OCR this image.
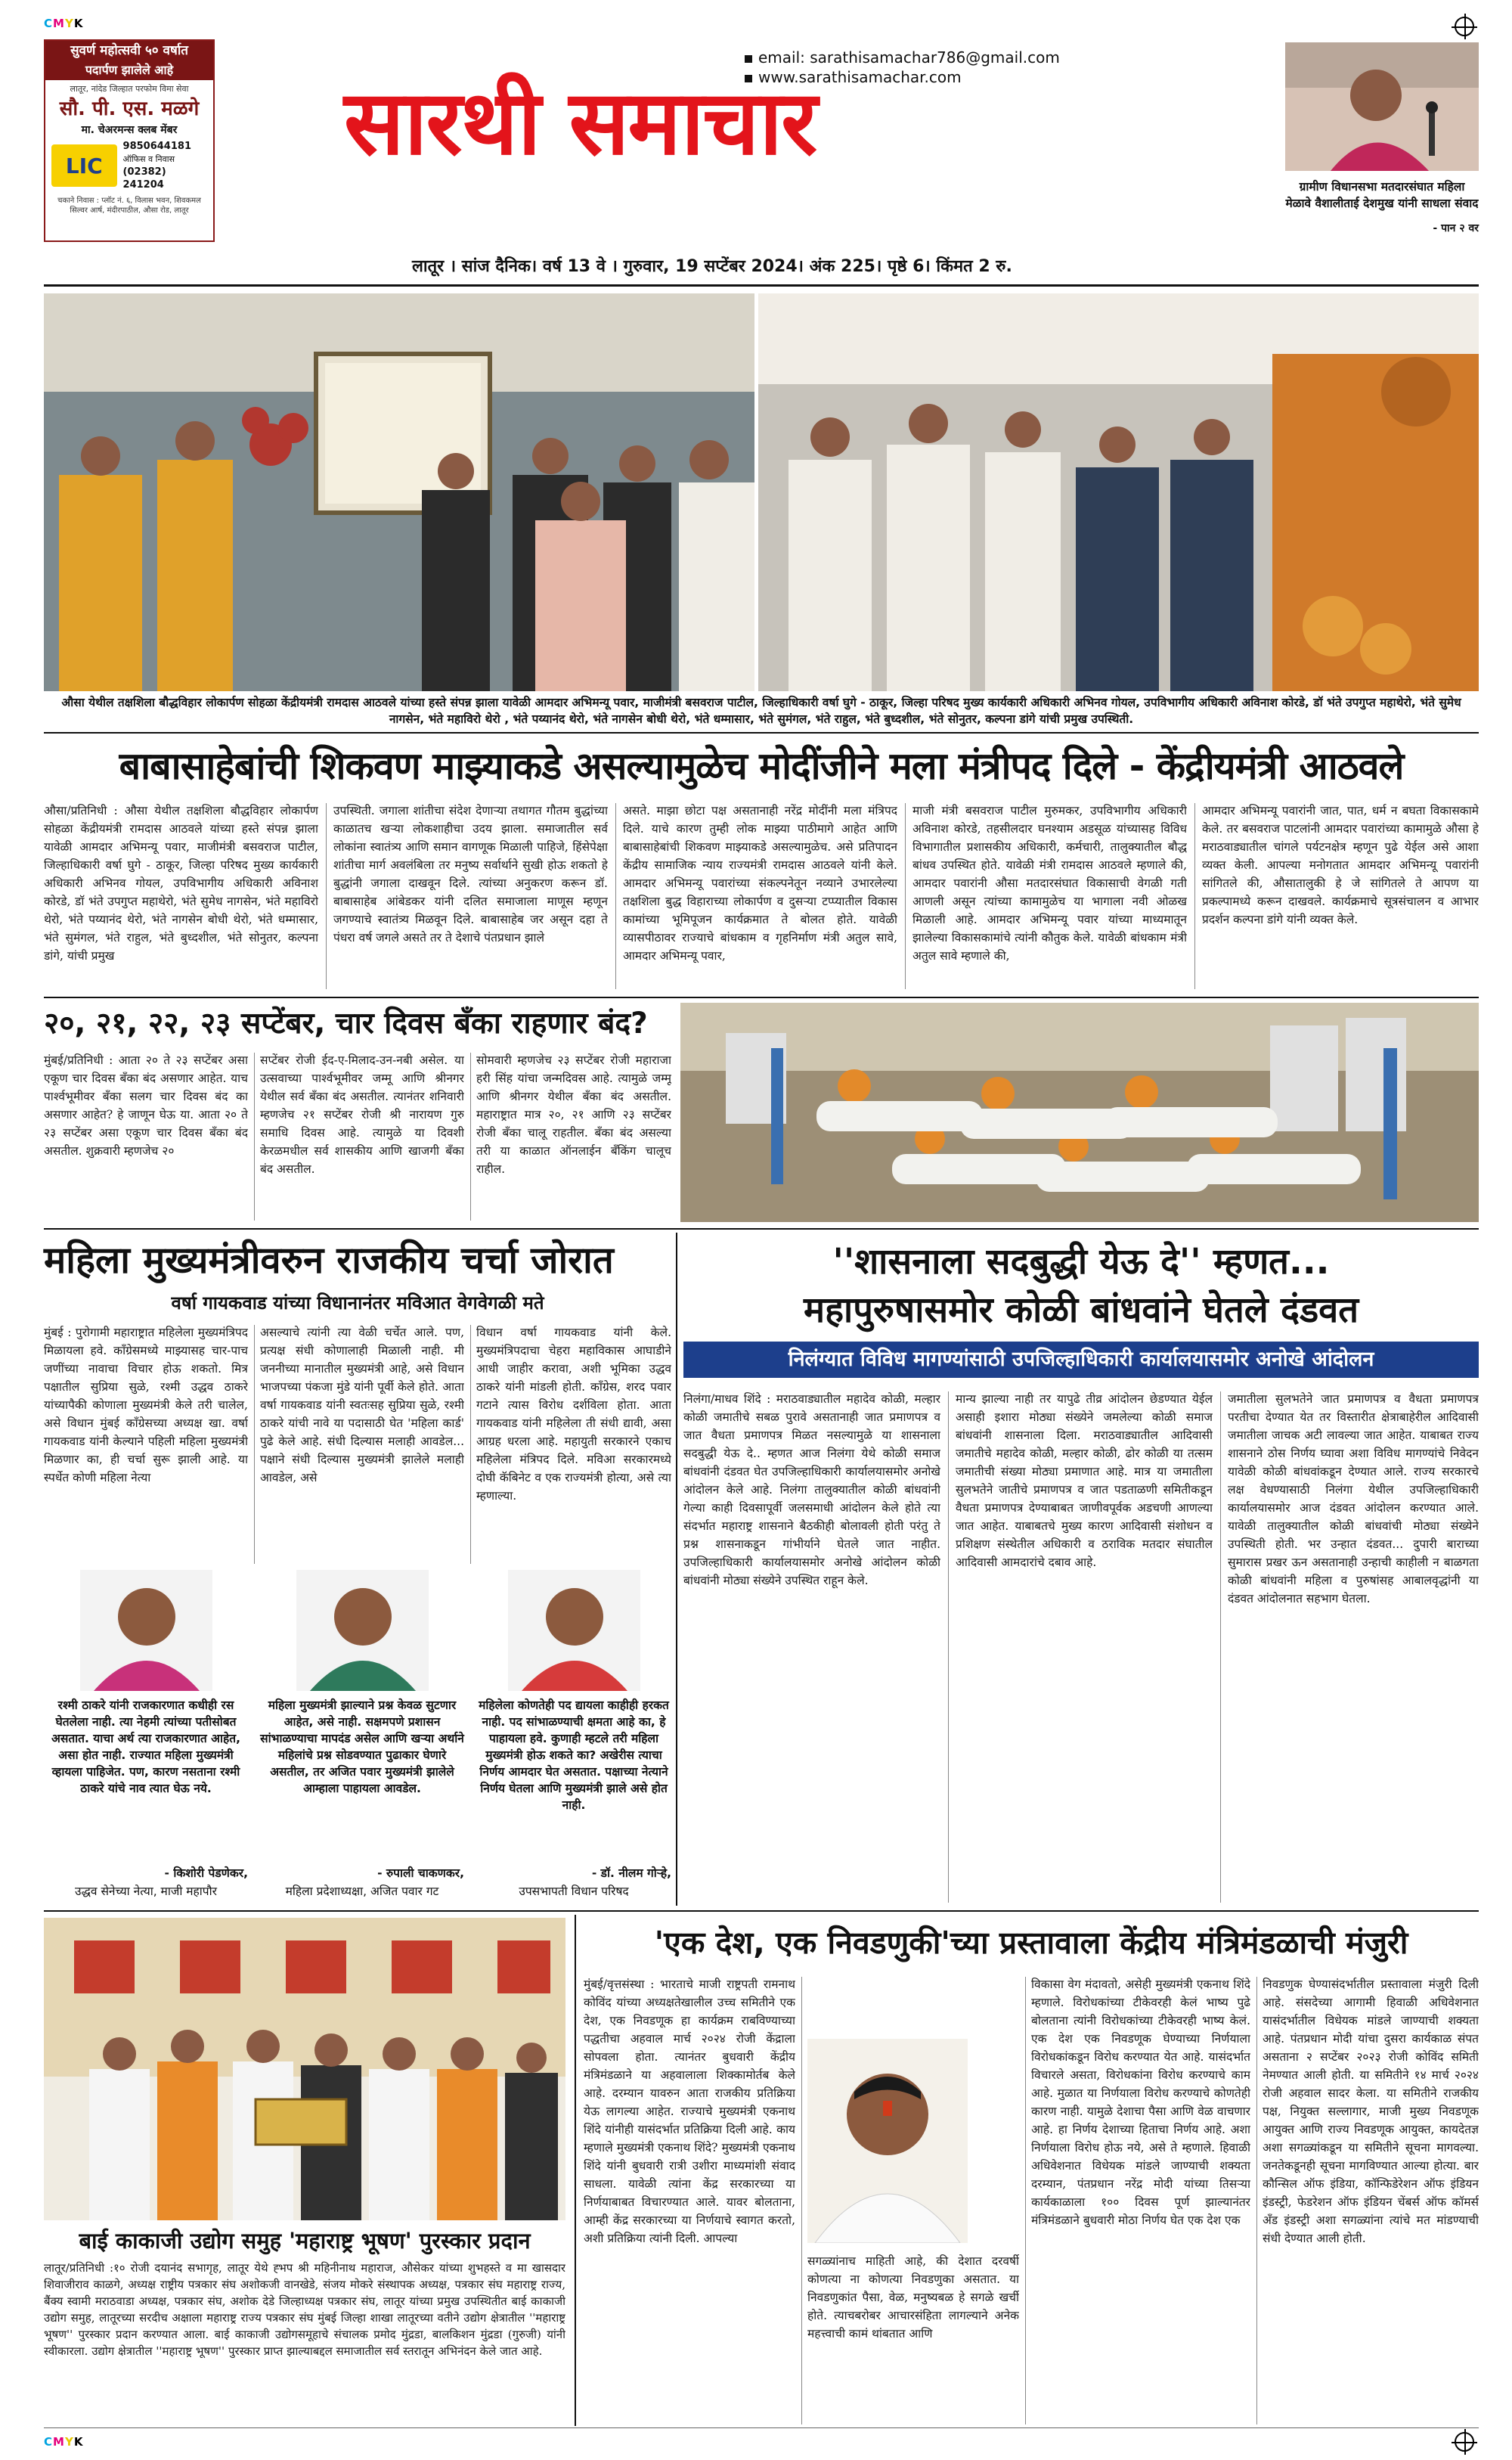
CMYK
CMYK
सुवर्ण महोत्सवी ५० वर्षात
पदार्पण झालेले आहे
लातूर, नांदेड जिल्हात परफोम विमा सेवा
सौ. पी. एस. मळगे
मा. चेअरमन्स क्लब मेंबर
LIC
9850644181
ऑफिस व निवास
(02382) 241204
चकाने निवास : प्लॉट नं. ६, विलास भवन, शिवकमल सिल्वर आर्ष, मंदीरपाठील, औसा रोड, लातूर
email: sarathisamachar786@gmail.com
www.sarathisamachar.com
सारथी समाचार
लातूर । सांज दैनिक। वर्ष 13 वे । गुरुवार, 19 सप्टेंबर 2024। अंक 225। पृष्ठे 6। किंमत 2 रु.
ग्रामीण विधानसभा मतदारसंघात महिला मेळावे वैशालीताई देशमुख यांनी साधला संवाद
- पान २ वर
औसा येथील तक्षशिला बौद्धविहार लोकार्पण सोहळा केंद्रीयमंत्री रामदास आठवले यांच्या हस्ते संपन्न झाला यावेळी आमदार अभिमन्यू पवार, माजीमंत्री बसवराज पाटील, जिल्हाधिकारी वर्षा घुगे - ठाकूर, जिल्हा परिषद मुख्य कार्यकारी अधिकारी अभिनव गोयल, उपविभागीय अधिकारी अविनाश कोरडे, डॉ भंते उपगुप्त महाथेरो, भंते सुमेध नागसेन, भंते महाविरो थेरो , भंते पय्यानंद थेरो, भंते नागसेन बोधी थेरो, भंते धम्मासार, भंते सुमंगल, भंते राहुल, भंते बुध्दशील, भंते सोनुतर, कल्पना डांगे यांची प्रमुख उपस्थिती.
बाबासाहेबांची शिकवण माझ्याकडे असल्यामुळेच मोदींजीने मला मंत्रीपद दिले - केंद्रीयमंत्री आठवले
औसा/प्रतिनिधी : औसा येथील तक्षशिला बौद्धविहार लोकार्पण सोहळा केंद्रीयमंत्री रामदास आठवले यांच्या हस्ते संपन्न झाला यावेळी आमदार अभिमन्यू पवार, माजीमंत्री बसवराज पाटील, जिल्हाधिकारी वर्षा घुगे - ठाकूर, जिल्हा परिषद मुख्य कार्यकारी अधिकारी अभिनव गोयल, उपविभागीय अधिकारी अविनाश कोरडे, डॉ भंते उपगुप्त महाथेरो, भंते सुमेध नागसेन, भंते महाविरो थेरो, भंते पय्यानंद थेरो, भंते नागसेन बोधी थेरो, भंते धम्मासार, भंते सुमंगल, भंते राहुल, भंते बुध्दशील, भंते सोनुतर, कल्पना डांगे, यांची प्रमुख
उपस्थिती. जगाला शांतीचा संदेश देणाऱ्या तथागत गौतम बुद्धांच्या काळातच खऱ्या लोकशाहीचा उदय झाला. समाजातील सर्व लोकांना स्वातंत्र्य आणि समान वागणूक मिळाली पाहिजे, हिंसेपेक्षा शांतीचा मार्ग अवलंबिला तर मनुष्य सर्वार्थाने सुखी होऊ शकतो हे बुद्धांनी जगाला दाखवून दिले. त्यांच्या अनुकरण करून डॉ. बाबासाहेब आंबेडकर यांनी दलित समाजाला माणूस म्हणून जगण्याचे स्वातंत्र्य मिळवून दिले. बाबासाहेब जर असून दहा ते पंधरा वर्ष जगले असते तर ते देशाचे पंतप्रधान झाले
असते. माझा छोटा पक्ष असतानाही नरेंद्र मोदींनी मला मंत्रिपद दिले. याचे कारण तुम्ही लोक माझ्या पाठीमागे आहेत आणि बाबासाहेबांची शिकवण माझ्याकडे असल्यामुळेच. असे प्रतिपादन केंद्रीय सामाजिक न्याय राज्यमंत्री रामदास आठवले यांनी केले. आमदार अभिमन्यू पवारांच्या संकल्पनेतून नव्याने उभारलेल्या तक्षशिला बुद्ध विहाराच्या लोकार्पण व दुसऱ्या टप्प्यातील विकास कामांच्या भूमिपूजन कार्यक्रमात ते बोलत होते. यावेळी व्यासपीठावर राज्याचे बांधकाम व गृहनिर्माण मंत्री अतुल सावे, आमदार अभिमन्यू पवार,
माजी मंत्री बसवराज पाटील मुरुमकर, उपविभागीय अधिकारी अविनाश कोरडे, तहसीलदार घनश्याम अडसूळ यांच्यासह विविध विभागातील प्रशासकीय अधिकारी, कर्मचारी, तालुक्यातील बौद्ध बांधव उपस्थित होते. यावेळी मंत्री रामदास आठवले म्हणाले की, आमदार पवारांनी औसा मतदारसंघात विकासाची वेगळी गती आणली असून त्यांच्या कामामुळेच या भागाला नवी ओळख मिळाली आहे. आमदार अभिमन्यू पवार यांच्या माध्यमातून झालेल्या विकासकामांचे त्यांनी कौतुक केले. यावेळी बांधकाम मंत्री अतुल सावे म्हणाले की,
आमदार अभिमन्यू पवारांनी जात, पात, धर्म न बघता विकासकामे केले. तर बसवराज पाटलांनी आमदार पवारांच्या कामामुळे औसा हे मराठवाड्यातील चांगले पर्यटनक्षेत्र म्हणून पुढे येईल असे आशा व्यक्त केली. आपल्या मनोगतात आमदार अभिमन्यू पवारांनी सांगितले की, औसातालुकी हे जे सांगितले ते आपण या प्रकल्पामध्ये करून दाखवले. कार्यक्रमाचे सूत्रसंचालन व आभार प्रदर्शन कल्पना डांगे यांनी व्यक्त केले.
२०, २१, २२, २३ सप्टेंबर, चार दिवस बँका राहणार बंद?
मुंबई/प्रतिनिधी : आता २० ते २३ सप्टेंबर असा एकूण चार दिवस बँका बंद असणार आहेत. याच पार्श्वभूमीवर बँका सलग चार दिवस बंद का असणार आहेत? हे जाणून घेऊ या. आता २० ते २३ सप्टेंबर असा एकूण चार दिवस बँका बंद असतील. शुक्रवारी म्हणजेच २०
सप्टेंबर रोजी ईद-ए-मिलाद-उन-नबी असेल. या उत्सवाच्या पार्श्वभूमीवर जम्मू आणि श्रीनगर येथील सर्व बँका बंद असतील. त्यानंतर शनिवारी म्हणजेच २१ सप्टेंबर रोजी श्री नारायण गुरु समाधि दिवस आहे. त्यामुळे या दिवशी केरळमधील सर्व शासकीय आणि खाजगी बँका बंद असतील.
सोमवारी म्हणजेच २३ सप्टेंबर रोजी महाराजा हरी सिंह यांचा जन्मदिवस आहे. त्यामुळे जम्मू आणि श्रीनगर येथील बँका बंद असतील. महाराष्ट्रात मात्र २०, २१ आणि २३ सप्टेंबर रोजी बँका चालू राहतील. बँका बंद असल्या तरी या काळात ऑनलाईन बँकिंग चालूच राहील.
महिला मुख्यमंत्रीवरुन राजकीय चर्चा जोरात
वर्षा गायकवाड यांच्या विधानानंतर मविआत वेगवेगळी मते
मुंबई : पुरोगामी महाराष्ट्रात महिलेला मुख्यमंत्रिपद मिळायला हवे. काँग्रेसमध्ये माझ्यासह चार-पाच जणींच्या नावाचा विचार होऊ शकतो. मित्र पक्षातील सुप्रिया सुळे, रश्मी उद्धव ठाकरे यांच्यापैकी कोणाला मुख्यमंत्री केले तरी चालेल, असे विधान मुंबई काँग्रेसच्या अध्यक्ष खा. वर्षा गायकवाड यांनी केल्याने पहिली महिला मुख्यमंत्री मिळणार का, ही चर्चा सुरू झाली आहे. या स्पर्धेत कोणी महिला नेत्या
असल्याचे त्यांनी त्या वेळी चर्चेत आले. पण, प्रत्यक्ष संधी कोणालाही मिळाली नाही. मी जननीच्या मानातील मुख्यमंत्री आहे, असे विधान भाजपच्या पंकजा मुंडे यांनी पूर्वी केले होते. आता वर्षा गायकवाड यांनी स्वतःसह सुप्रिया सुळे, रश्मी ठाकरे यांची नावे या पदासाठी घेत 'महिला कार्ड' पुढे केले आहे. संधी दिल्यास मलाही आवडेल... पक्षाने संधी दिल्यास मुख्यमंत्री झालेले मलाही आवडेल, असे
विधान वर्षा गायकवाड यांनी केले. मुख्यमंत्रिपदाचा चेहरा महाविकास आघाडीने आधी जाहीर करावा, अशी भूमिका उद्धव ठाकरे यांनी मांडली होती. काँग्रेस, शरद पवार गटाने त्यास विरोध दर्शविला होता. आता गायकवाड यांनी महिलेला ती संधी द्यावी, असा आग्रह धरला आहे. महायुती सरकारने एकाच महिलेला मंत्रिपद दिले. मविआ सरकारमध्ये दोघी कॅबिनेट व एक राज्यमंत्री होत्या, असे त्या म्हणाल्या.
रश्मी ठाकरे यांनी राजकारणात कधीही रस घेतलेला नाही. त्या नेहमी त्यांच्या पतीसोबत असतात. याचा अर्थ त्या राजकारणात आहेत, असा होत नाही. राज्यात महिला मुख्यमंत्री व्हायला पाहिजेत. पण, कारण नसताना रश्मी ठाकरे यांचे नाव त्यात घेऊ नये.
- किशोरी पेडणेकर,
उद्धव सेनेच्या नेत्या, माजी महापौर
महिला मुख्यमंत्री झाल्याने प्रश्न केवळ सुटणार आहेत, असे नाही. सक्षमपणे प्रशासन सांभाळण्याचा मापदंड असेल आणि खऱ्या अर्थाने महिलांचे प्रश्न सोडवण्यात पुढाकार घेणारे असतील, तर अजित पवार मुख्यमंत्री झालेले आम्हाला पाहायला आवडेल.
- रुपाली चाकणकर,
महिला प्रदेशाध्यक्षा, अजित पवार गट
महिलेला कोणतेही पद द्यायला काहीही हरकत नाही. पद सांभाळण्याची क्षमता आहे का, हे पाहायला हवे. कुणाही म्हटले तरी महिला मुख्यमंत्री होऊ शकते का? अखेरीस त्याचा निर्णय आमदार घेत असतात. पक्षाच्या नेत्याने निर्णय घेतला आणि मुख्यमंत्री झाले असे होत नाही.
- डॉ. नीलम गोऱ्हे,
उपसभापती विधान परिषद
''शासनाला सदबुद्धी येऊ दे'' म्हणत...
महापुरुषासमोर कोळी बांधवांने घेतले दंडवत
निलंग्यात विविध मागण्यांसाठी उपजिल्हाधिकारी कार्यालयासमोर अनोखे आंदोलन
निलंगा/माधव शिंदे : मराठवाड्यातील महादेव कोळी, मल्हार कोळी जमातीचे सबळ पुरावे असतानाही जात प्रमाणपत्र व जात वैधता प्रमाणपत्र मिळत नसल्यामुळे या शासनाला सदबुद्धी येऊ दे.. म्हणत आज निलंगा येथे कोळी समाज बांधवांनी दंडवत घेत उपजिल्हाधिकारी कार्यालयासमोर अनोखे आंदोलन केले आहे. निलंगा तालुक्यातील कोळी बांधवांनी गेल्या काही दिवसापूर्वी जलसमाधी आंदोलन केले होते त्या संदर्भात महाराष्ट्र शासनाने बैठकीही बोलावली होती परंतु ते प्रश्न शासनाकडून गांभीर्याने घेतले जात नाहीत. उपजिल्हाधिकारी कार्यालयासमोर अनोखे आंदोलन कोळी बांधवांनी मोठ्या संख्येने उपस्थित राहून केले.
मान्य झाल्या नाही तर यापुढे तीव्र आंदोलन छेडण्यात येईल असाही इशारा मोठ्या संख्येने जमलेल्या कोळी समाज बांधवांनी शासनाला दिला. मराठवाड्यातील आदिवासी जमातीचे महादेव कोळी, मल्हार कोळी, ढोर कोळी या तत्सम जमातीची संख्या मोठ्या प्रमाणात आहे. मात्र या जमातीला सुलभतेने जातीचे प्रमाणपत्र व जात पडताळणी समितीकडून वैधता प्रमाणपत्र देण्याबाबत जाणीवपूर्वक अडचणी आणल्या जात आहेत. याबाबतचे मुख्य कारण आदिवासी संशोधन व प्रशिक्षण संस्थेतील अधिकारी व ठराविक मतदार संघातील आदिवासी आमदारांचे दबाव आहे.
जमातीला सुलभतेने जात प्रमाणपत्र व वैधता प्रमाणपत्र परतीचा देण्यात येत तर विस्तारीत क्षेत्राबाहेरील आदिवासी जमातीला जाचक अटी लावल्या जात आहेत. याबाबत राज्य शासनाने ठोस निर्णय घ्यावा अशा विविध मागण्यांचे निवेदन यावेळी कोळी बांधवांकडून देण्यात आले. राज्य सरकारचे लक्ष वेधण्यासाठी निलंगा येथील उपजिल्हाधिकारी कार्यालयासमोर आज दंडवत आंदोलन करण्यात आले. यावेळी तालुक्यातील कोळी बांधवांची मोठ्या संख्येने उपस्थिती होती. भर उन्हात दंडवत... दुपारी बाराच्या सुमारास प्रखर ऊन असतानाही उन्हाची काहीली न बाळगता कोळी बांधवांनी महिला व पुरुषांसह आबालवृद्धांनी या दंडवत आंदोलनात सहभाग घेतला.
बाई काकाजी उद्योग समुह 'महाराष्ट्र भूषण' पुरस्कार प्रदान
लातूर/प्रतिनिधी :१० रोजी दयानंद सभागृह, लातूर येथे ह्भप श्री महिनीनाथ महाराज, औसेकर यांच्या शुभहस्ते व मा खासदार शिवाजीराव काळगे, अध्यक्ष राष्ट्रीय पत्रकार संघ अशोकजी वानखेडे, संजय मोकरे संस्थापक अध्यक्ष, पत्रकार संघ महाराष्ट्र राज्य, बैंक्य स्वामी मराठवाडा अध्यक्ष, पत्रकार संघ, अशोक देडे जिल्हाध्यक्ष पत्रकार संघ, लातूर यांच्या प्रमुख उपस्थितीत बाई काकाजी उद्योग समुह, लातूरच्या सरदीच अक्षाला महाराष्ट्र राज्य पत्रकार संघ मुंबई जिल्हा शाखा लातूरच्या वतीने उद्योग क्षेत्रातील ''महाराष्ट्र भूषण'' पुरस्कार प्रदान करण्यात आला. बाई काकाजी उद्योगसमूहाचे संचालक प्रमोद मुंद्रडा, बालकिशन मुंद्रडा (गुरुजी) यांनी स्वीकारला. उद्योग क्षेत्रातील ''महाराष्ट्र भूषण'' पुरस्कार प्राप्त झाल्याबद्दल समाजातील सर्व स्तरातून अभिनंदन केले जात आहे.
'एक देश, एक निवडणुकी'च्या प्रस्तावाला केंद्रीय मंत्रिमंडळाची मंजुरी
मुंबई/वृत्तसंस्था : भारताचे माजी राष्ट्रपती रामनाथ कोविंद यांच्या अध्यक्षतेखालील उच्च समितीने एक देश, एक निवडणूक हा कार्यक्रम राबविण्याच्या पद्धतीचा अहवाल मार्च २०२४ रोजी केंद्राला सोपवला होता. त्यानंतर बुधवारी केंद्रीय मंत्रिमंडळाने या अहवालाला शिक्कामोर्तब केले आहे. दरम्यान यावरुन आता राजकीय प्रतिक्रिया येऊ लागल्या आहेत. राज्याचे मुख्यमंत्री एकनाथ शिंदे यांनीही यासंदर्भात प्रतिक्रिया दिली आहे. काय म्हणाले मुख्यमंत्री एकनाथ शिंदे? मुख्यमंत्री एकनाथ शिंदे यांनी बुधवारी रात्री उशीरा माध्यमांशी संवाद साधला. यावेळी त्यांना केंद्र सरकारच्या या निर्णयाबाबत विचारण्यात आले. यावर बोलताना, आम्ही केंद्र सरकारच्या या निर्णयाचे स्वागत करतो, अशी प्रतिक्रिया त्यांनी दिली. आपल्या
सगळ्यांनाच माहिती आहे, की देशात दरवर्षी कोणत्या ना कोणत्या निवडणुका असतात. या निवडणुकांत पैसा, वेळ, मनुष्यबळ हे सगळे खर्ची होते. त्याचबरोबर आचारसंहिता लागल्याने अनेक महत्त्वाची कामं थांबतात आणि
विकासा वेग मंदावतो, असेही मुख्यमंत्री एकनाथ शिंदे म्हणाले. विरोधकांच्या टीकेवरही केलं भाष्य पुढे बोलताना त्यांनी विरोधकांच्या टीकेवरही भाष्य केलं. एक देश एक निवडणूक घेण्याच्या निर्णयाला विरोधकांकडून विरोध करण्यात येत आहे. यासंदर्भात विचारले असता, विरोधकांना विरोध करण्याचे काम आहे. मुळात या निर्णयाला विरोध करण्याचे कोणतेही कारण नाही. यामुळे देशाचा पैसा आणि वेळ वाचणार आहे. हा निर्णय देशाच्या हिताचा निर्णय आहे. अशा निर्णयाला विरोध होऊ नये, असे ते म्हणाले. हिवाळी अधिवेशनात विधेयक मांडले जाण्याची शक्यता दरम्यान, पंतप्रधान नरेंद्र मोदी यांच्या तिसऱ्या कार्यकाळाला १०० दिवस पूर्ण झाल्यानंतर मंत्रिमंडळाने बुधवारी मोठा निर्णय घेत एक देश एक
निवडणुक घेण्यासंदर्भातील प्रस्तावाला मंजुरी दिली आहे. संसदेच्या आगामी हिवाळी अधिवेशनात यासंदर्भातील विधेयक मांडले जाण्याची शक्यता आहे. पंतप्रधान मोदी यांचा दुसरा कार्यकाळ संपत असताना २ सप्टेंबर २०२३ रोजी कोविंद समिती नेमण्यात आली होती. या समितीने १४ मार्च २०२४ रोजी अहवाल सादर केला. या समितीने राजकीय पक्ष, नियुक्त सल्लागार, माजी मुख्य निवडणूक आयुक्त आणि राज्य निवडणूक आयुक्त, कायदेतज्ञ अशा सगळ्यांकडून या समितीने सूचना मागवल्या. जनतेकडूनही सूचना मागविण्यात आल्या होत्या. बार कौन्सिल ऑफ इंडिया, कॉन्फिडेरेशन ऑफ इंडियन इंडस्ट्री, फेडरेशन ऑफ इंडियन चेंबर्स ऑफ कॉमर्स अँड इंडस्ट्री अशा सगळ्यांना त्यांचे मत मांडण्याची संधी देण्यात आली होती.
